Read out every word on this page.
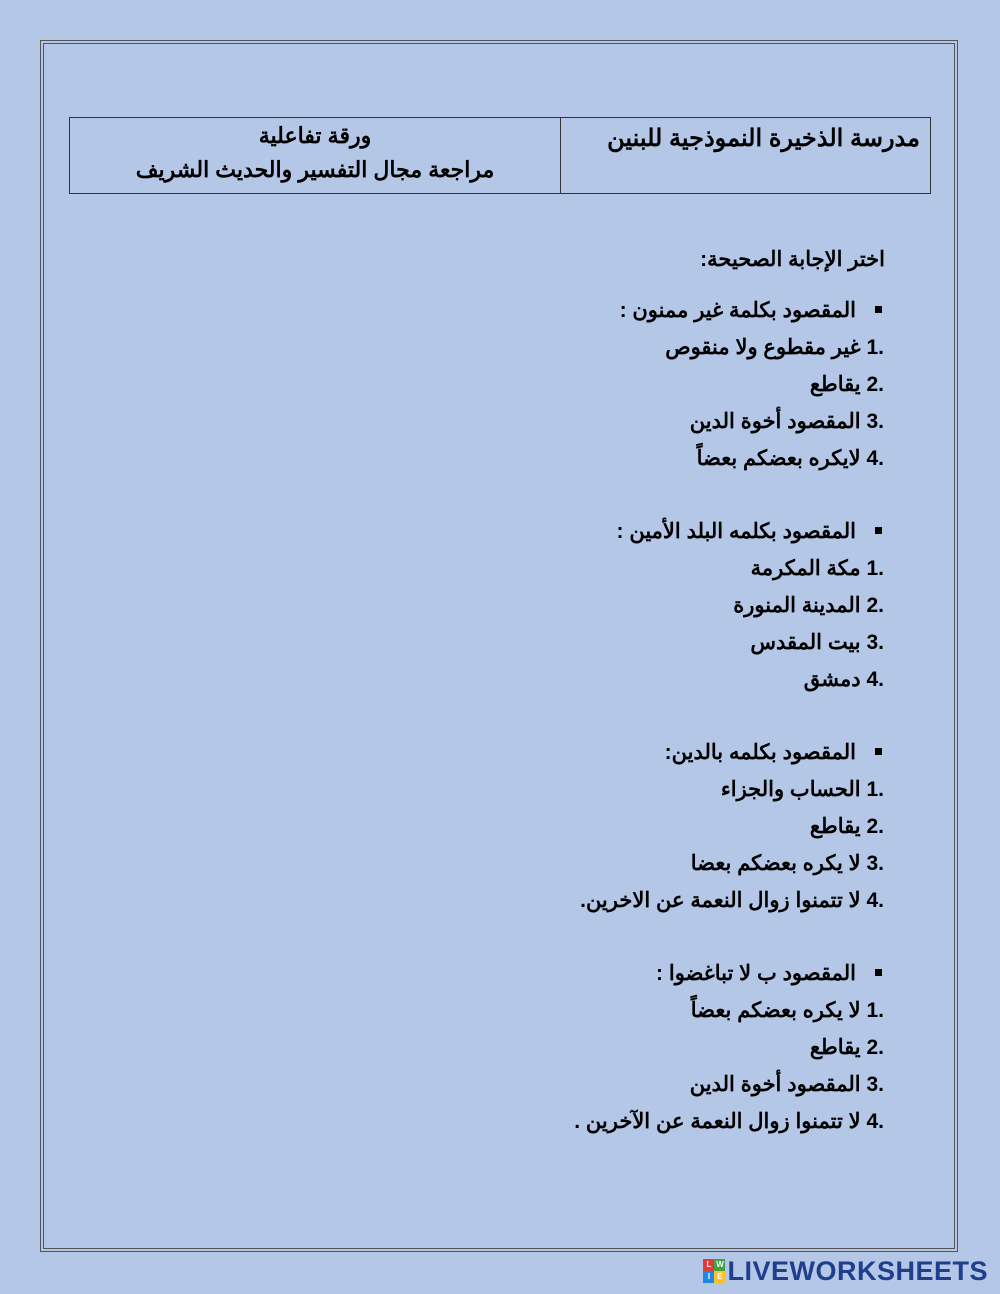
مدرسة الذخيرة النموذجية للبنين
ورقة تفاعلية
مراجعة مجال التفسير والحديث الشريف
اختر الإجابة الصحيحة:
المقصود بكلمة غير ممنون :
1. غير مقطوع ولا منقوص
2. يقاطع
3. المقصود أخوة الدين
4. لايكره بعضكم بعضاً
المقصود بكلمه البلد الأمين :
1. مكة المكرمة
2. المدينة المنورة
3. بيت المقدس
4. دمشق
المقصود بكلمه بالدين:
1. الحساب والجزاء
2. يقاطع
3. لا يكره بعضكم بعضا
4. لا تتمنوا زوال النعمة عن الاخرين.
المقصود ب لا تباغضوا :
1. لا يكره بعضكم بعضاً
2. يقاطع
3. المقصود أخوة الدين
4. لا تتمنوا زوال النعمة عن الآخرين .
L W
I E LIVEWORKSHEETS
